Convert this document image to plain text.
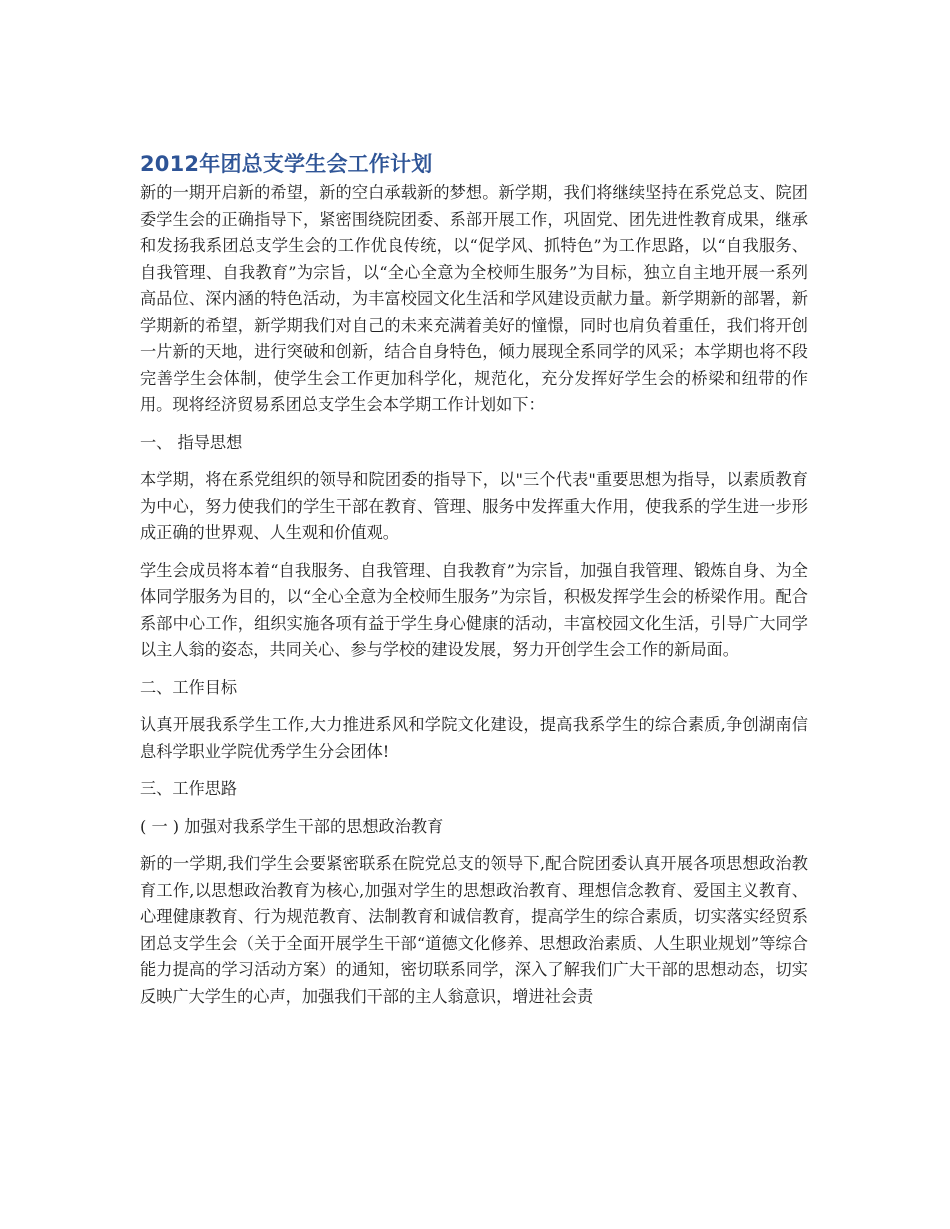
2012年团总支学生会工作计划

新的一期开启新的希望，新的空白承载新的梦想。新学期，我们将继续坚持在系党总支、院团委学生会的正确指导下，紧密围绕院团委、系部开展工作，巩固党、团先进性教育成果，继承和发扬我系团总支学生会的工作优良传统，以“促学风、抓特色”为工作思路，以“自我服务、自我管理、自我教育”为宗旨，以“全心全意为全校师生服务”为目标，独立自主地开展一系列高品位、深内涵的特色活动，为丰富校园文化生活和学风建设贡献力量。新学期新的部署，新学期新的希望，新学期我们对自己的未来充满着美好的憧憬，同时也肩负着重任，我们将开创一片新的天地，进行突破和创新，结合自身特色，倾力展现全系同学的风采；本学期也将不段完善学生会体制，使学生会工作更加科学化，规范化，充分发挥好学生会的桥梁和纽带的作用。现将经济贸易系团总支学生会本学期工作计划如下：

一、 指导思想

本学期，将在系党组织的领导和院团委的指导下，以"三个代表"重要思想为指导，以素质教育为中心，努力使我们的学生干部在教育、管理、服务中发挥重大作用，使我系的学生进一步形成正确的世界观、人生观和价值观。

学生会成员将本着“自我服务、自我管理、自我教育”为宗旨，加强自我管理、锻炼自身、为全体同学服务为目的，以“全心全意为全校师生服务”为宗旨，积极发挥学生会的桥梁作用。配合系部中心工作，组织实施各项有益于学生身心健康的活动，丰富校园文化生活，引导广大同学以主人翁的姿态，共同关心、参与学校的建设发展，努力开创学生会工作的新局面。

二、工作目标

认真开展我系学生工作,大力推进系风和学院文化建设，提高我系学生的综合素质,争创湖南信息科学职业学院优秀学生分会团体!

三、工作思路

( 一 ) 加强对我系学生干部的思想政治教育

新的一学期,我们学生会要紧密联系在院党总支的领导下,配合院团委认真开展各项思想政治教育工作,以思想政治教育为核心,加强对学生的思想政治教育、理想信念教育、爱国主义教育、心理健康教育、行为规范教育、法制教育和诚信教育，提高学生的综合素质，切实落实经贸系团总支学生会（关于全面开展学生干部“道德文化修养、思想政治素质、人生职业规划”等综合能力提高的学习活动方案）的通知，密切联系同学，深入了解我们广大干部的思想动态，切实反映广大学生的心声，加强我们干部的主人翁意识，增进社会责
